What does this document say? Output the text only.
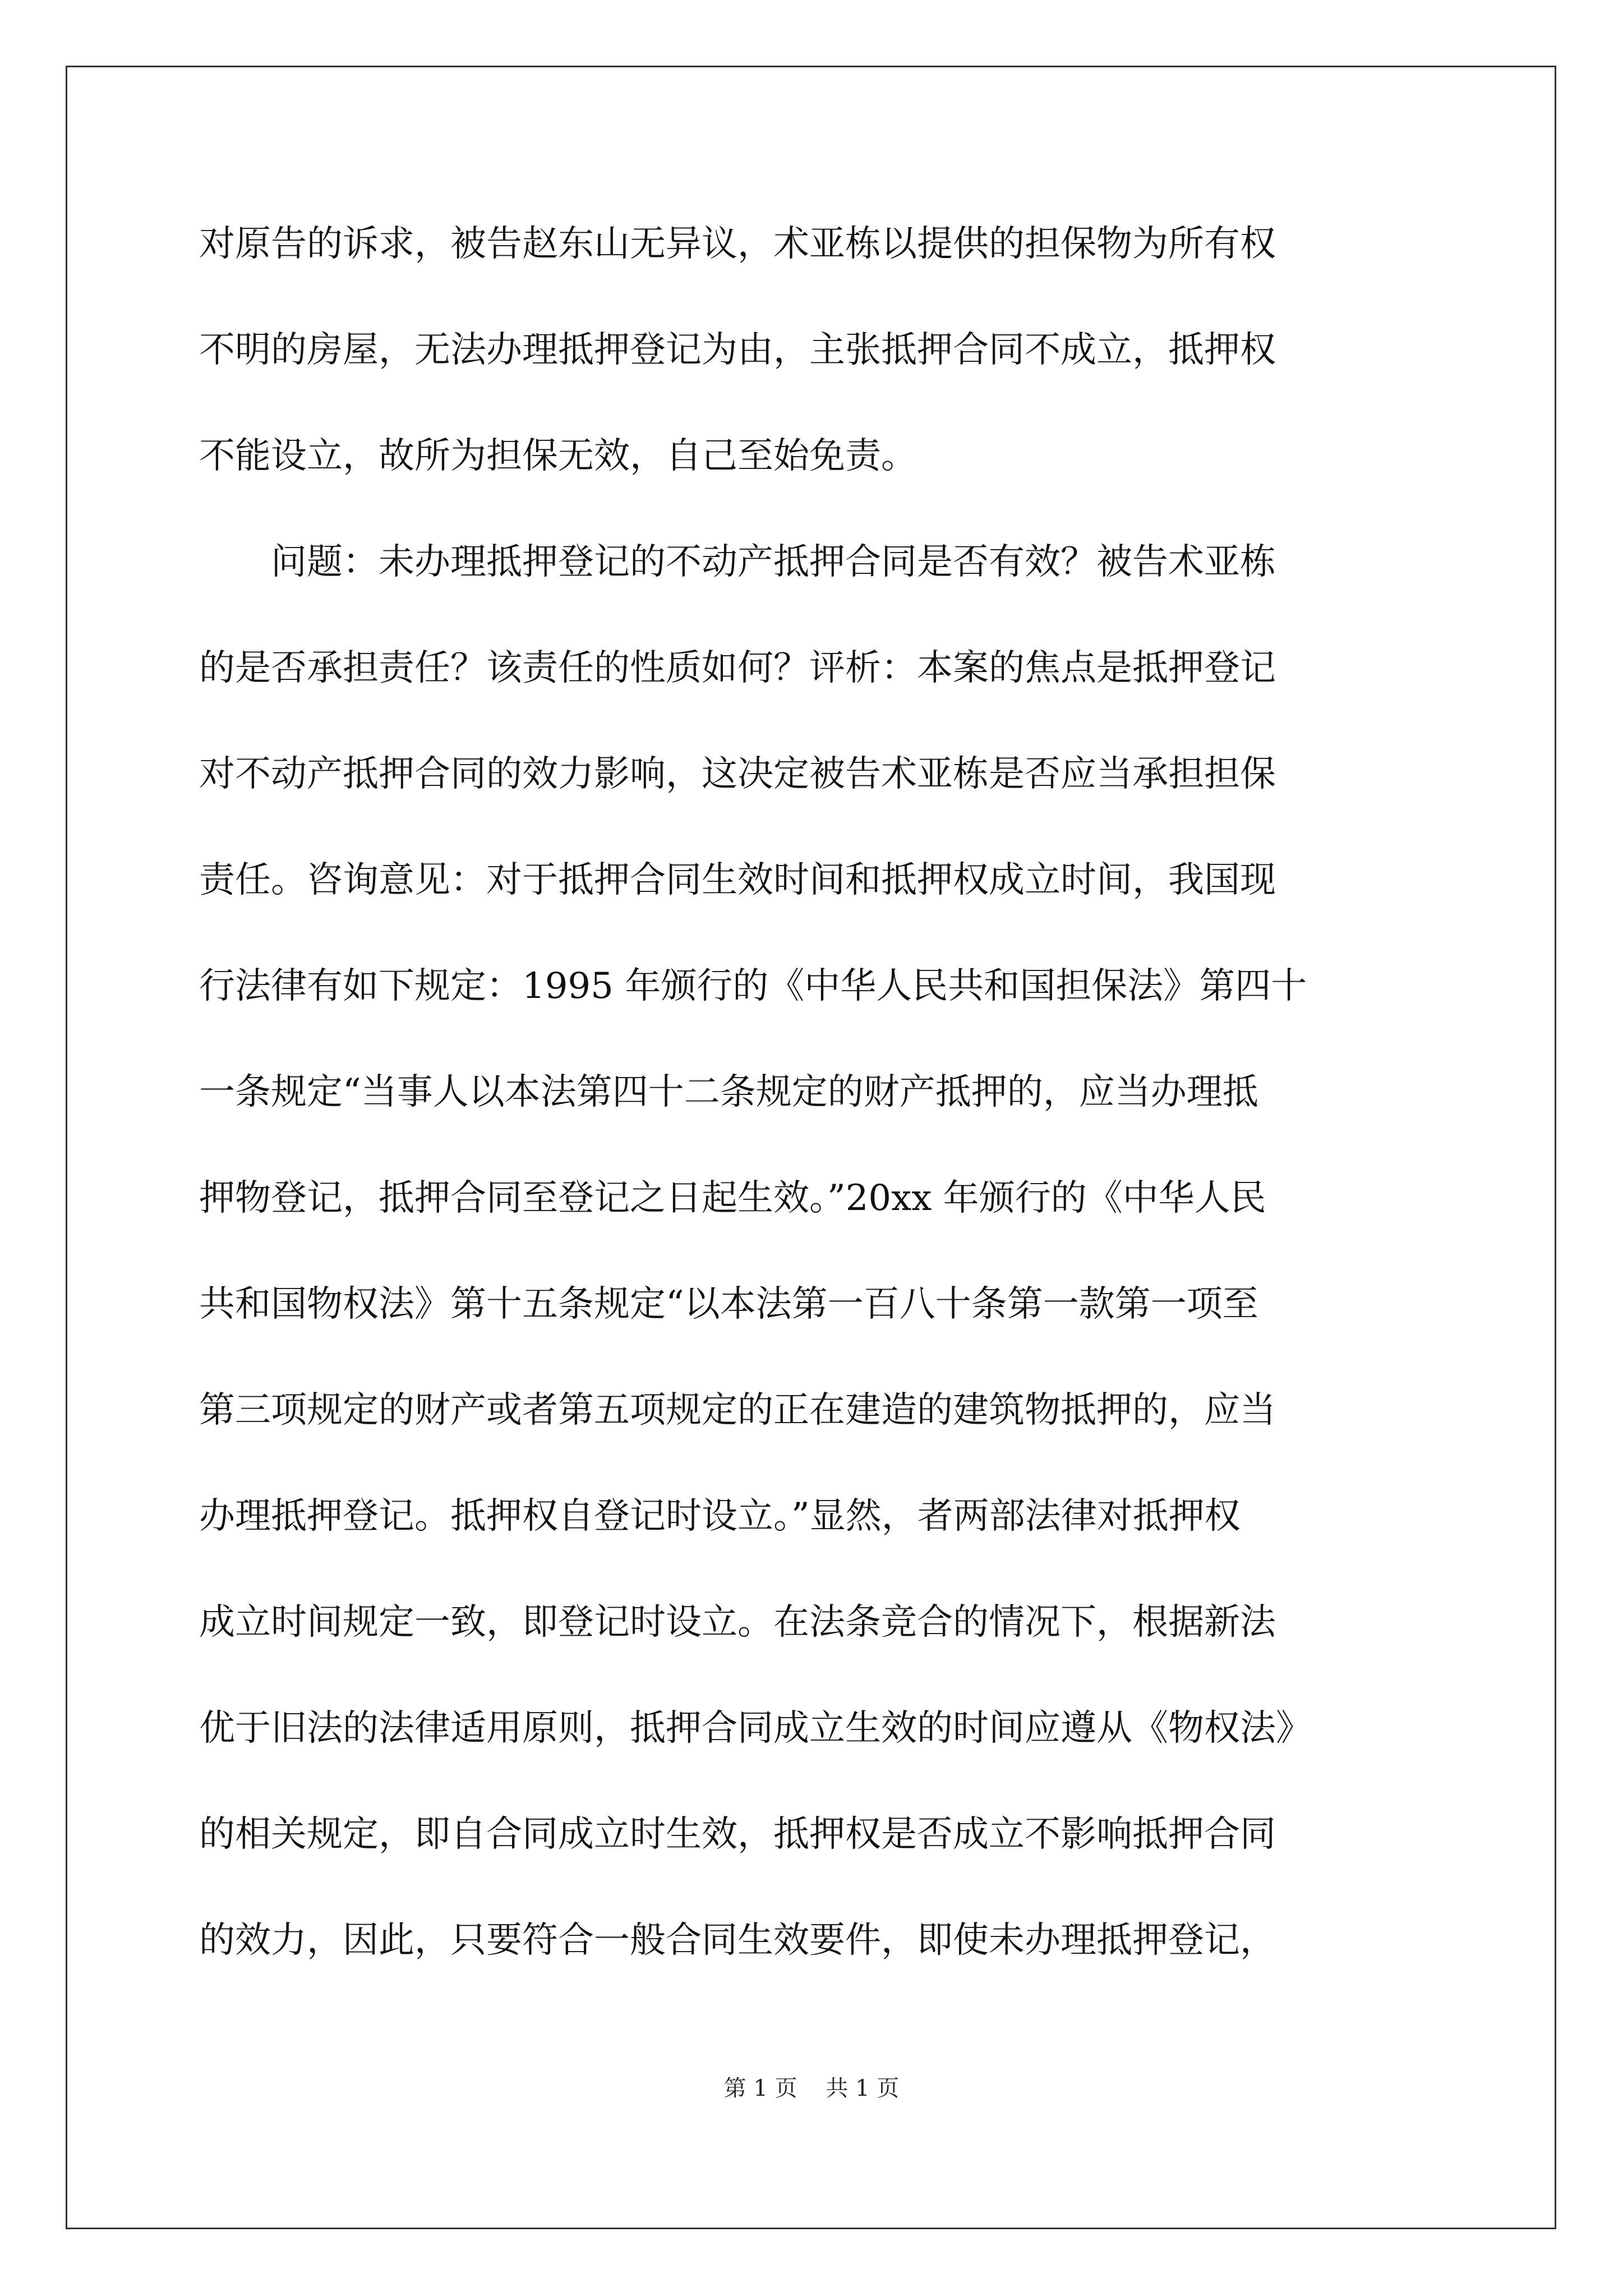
对原告的诉求，被告赵东山无异议，术亚栋以提供的担保物为所有权
不明的房屋，无法办理抵押登记为由，主张抵押合同不成立，抵押权
不能设立，故所为担保无效，自己至始免责。
问题：未办理抵押登记的不动产抵押合同是否有效？被告术亚栋
的是否承担责任？该责任的性质如何？评析：本案的焦点是抵押登记
对不动产抵押合同的效力影响，这决定被告术亚栋是否应当承担担保
责任。咨询意见：对于抵押合同生效时间和抵押权成立时间，我国现
行法律有如下规定：1995 年颁行的《中华人民共和国担保法》第四十
一条规定“当事人以本法第四十二条规定的财产抵押的，应当办理抵
押物登记，抵押合同至登记之日起生效。”20xx 年颁行的《中华人民
共和国物权法》第十五条规定“以本法第一百八十条第一款第一项至
第三项规定的财产或者第五项规定的正在建造的建筑物抵押的，应当
办理抵押登记。抵押权自登记时设立。”显然，者两部法律对抵押权
成立时间规定一致，即登记时设立。在法条竞合的情况下，根据新法
优于旧法的法律适用原则，抵押合同成立生效的时间应遵从《物权法》
的相关规定，即自合同成立时生效，抵押权是否成立不影响抵押合同
的效力，因此，只要符合一般合同生效要件，即使未办理抵押登记，
第 1 页    共 1 页
